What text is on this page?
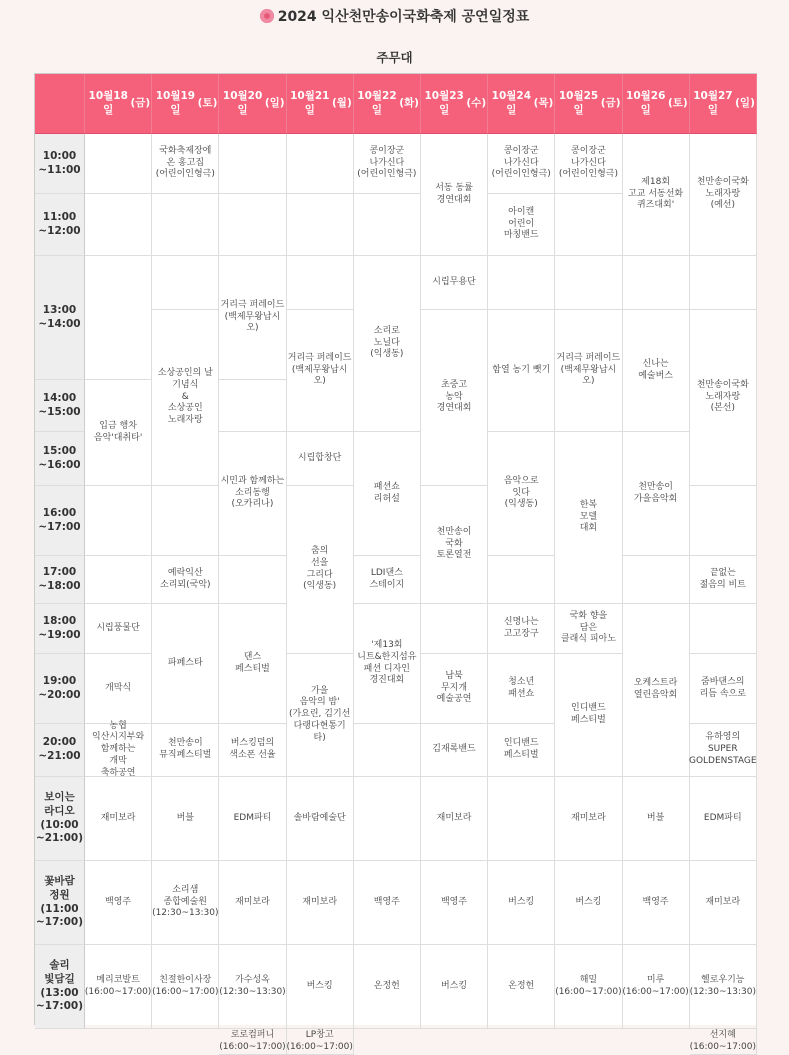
2024 익산천만송이국화축제 공연일정표
주무대
10월18일
(금)
10월19일
(토)
10월20일
(일)
10월21일
(월)
10월22일
(화)
10월23일
(수)
10월24일
(목)
10월25일
(금)
10월26일
(토)
10월27일
(일)
10:00
~11:00
11:00
~12:00
13:00
~14:00
14:00
~15:00
15:00
~16:00
16:00
~17:00
17:00
~18:00
18:00
~19:00
19:00
~20:00
20:00
~21:00
보이는
라디오
(10:00
~21:00)
꽃바람
정원
(11:00
~17:00)
솔리
빛담길
(13:00
~17:00)
입금 행차
음악'대취타'
시립풍물단
개막식
농협
익산시지부와
함께하는
개막
축하공연
재미보라
백영주
메리코발트
(16:00~17:00)
국화축제장에
온 홍고집
(어린이인형극)
소상공인의 날
기념식
&
소상공인
노래자랑
예락익산
소리뫼(국악)
파페스타
천만송이
뮤직페스티벌
버블
소리샘
종합예술원
(12:30~13:30)
친절한이사장
(16:00~17:00)
거리극 퍼레이드
(백제무왕납시오)
시민과 함께하는
소리동행
(오카리나)
댄스
페스티벌
버스킹덤의
색소폰 선율
EDM파티
재미보라
가수성옥
(12:30~13:30)
로로컴퍼니
(16:00~17:00)
거리극 퍼레이드
(백제무왕납시오)
시립합창단
춤의
선을
그리다
(익생동)
가을
음악의 밤'
(가요린, 김기선
다랭다현통기타)
솔바람예술단
재미보라
버스킹
LP창고
(16:00~17:00)
콩이장군
나가신다
(어린이인형극)
소리로
노닐다
(익생동)
패션쇼
리허설
LDI댄스
스테이지
'제13회
니트&한지섬유
패션 디자인
경진대회
백영주
온정헌
서동 동률
경연대회
시립무용단
초중고
농악
경연대회
천만송이
국화
토론열전
남북
무지개
예술공연
김재록밴드
재미보라
백영주
버스킹
콩이장군
나가신다
(어린이인형극)
아이캔
어린이
마칭밴드
함열 농기 뺏기
음악으로
잇다
(익생동)
신명나는
고고장구
청소년
패션쇼
인디밴드
페스티벌
버스킹
온정헌
콩이장군
나가신다
(어린이인형극)
거리극 퍼레이드
(백제무왕납시오)
한복
모델
대회
국화 향을
담은
클래식 피아노
인디밴드
페스티벌
재미보라
버스킹
해밀
(16:00~17:00)
제18회
고교 서동선화
퀴즈대회'
신나는
예술버스
천만송이
가을음악회
오케스트라
열린음악회
버블
백영주
미루
(16:00~17:00)
천만송이국화
노래자랑
(예선)
천만송이국화
노래자랑
(본선)
끝없는
젊음의 비트
줌바댄스의
리듬 속으로
유하영의
SUPER
GOLDENSTAGE
EDM파티
재미보라
헬로우기능
(12:30~13:30)
선지혜
(16:00~17:00)
